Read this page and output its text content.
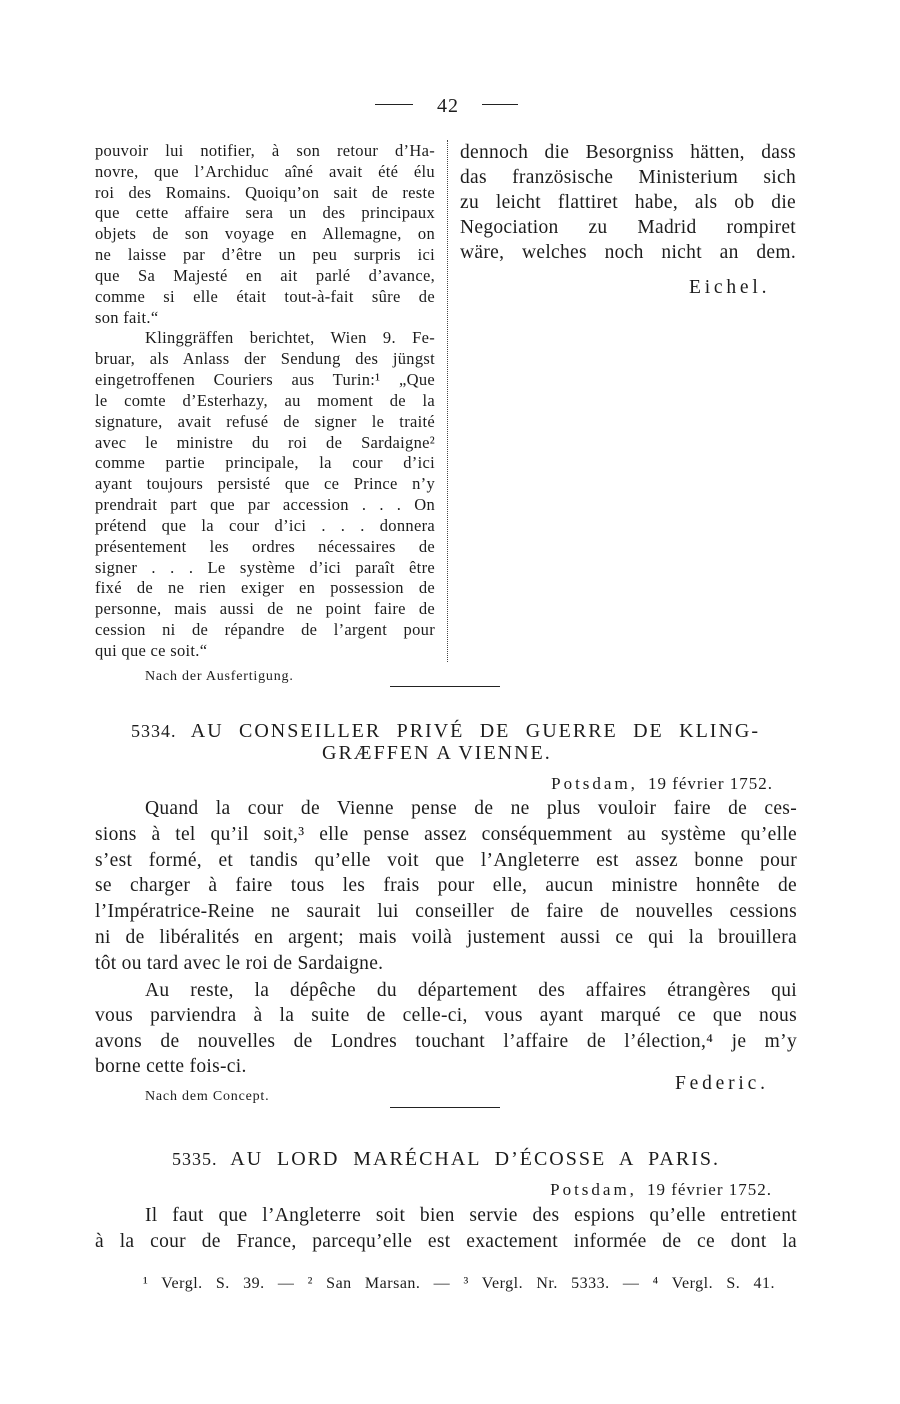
42
pouvoir lui notifier, à son retour d’Ha-
novre, que l’Archiduc aîné avait été élu
roi des Romains. Quoiqu’on sait de reste
que cette affaire sera un des principaux
objets de son voyage en Allemagne, on
ne laisse par d’être un peu surpris ici
que Sa Majesté en ait parlé d’avance,
comme si elle était tout-à-fait sûre de
son fait.“
Klinggräffen berichtet, Wien 9. Fe-
bruar, als Anlass der Sendung des jüngst
eingetroffenen Couriers aus Turin:¹ „Que
le comte d’Esterhazy, au moment de la
signature, avait refusé de signer le traité
avec le ministre du roi de Sardaigne²
comme partie principale, la cour d’ici
ayant toujours persisté que ce Prince n’y
prendrait part que par accession . . . On
prétend que la cour d’ici . . . donnera
présentement les ordres nécessaires de
signer . . . Le système d’ici paraît être
fixé de ne rien exiger en possession de
personne, mais aussi de ne point faire de
cession ni de répandre de l’argent pour
qui que ce soit.“
Nach der Ausfertigung.
dennoch die Besorgniss hätten, dass
das französische Ministerium sich
zu leicht flattiret habe, als ob die
Negociation zu Madrid rompiret
wäre, welches noch nicht an dem.
Eichel.
5334. AU CONSEILLER PRIVÉ DE GUERRE DE KLING-
GRÆFFEN A VIENNE.
Potsdam, 19 février 1752.
Quand la cour de Vienne pense de ne plus vouloir faire de ces-
sions à tel qu’il soit,³ elle pense assez conséquemment au système qu’elle
s’est formé, et tandis qu’elle voit que l’Angleterre est assez bonne pour
se charger à faire tous les frais pour elle, aucun ministre honnête de
l’Impératrice-Reine ne saurait lui conseiller de faire de nouvelles cessions
ni de libéralités en argent; mais voilà justement aussi ce qui la brouillera
tôt ou tard avec le roi de Sardaigne.
Au reste, la dépêche du département des affaires étrangères qui
vous parviendra à la suite de celle-ci, vous ayant marqué ce que nous
avons de nouvelles de Londres touchant l’affaire de l’élection,⁴ je m’y
borne cette fois-ci.
Federic.
Nach dem Concept.
5335. AU LORD MARÉCHAL D’ÉCOSSE A PARIS.
Potsdam, 19 février 1752.
Il faut que l’Angleterre soit bien servie des espions qu’elle entretient
à la cour de France, parcequ’elle est exactement informée de ce dont la
¹ Vergl. S. 39. — ² San Marsan. — ³ Vergl. Nr. 5333. — ⁴ Vergl. S. 41.
